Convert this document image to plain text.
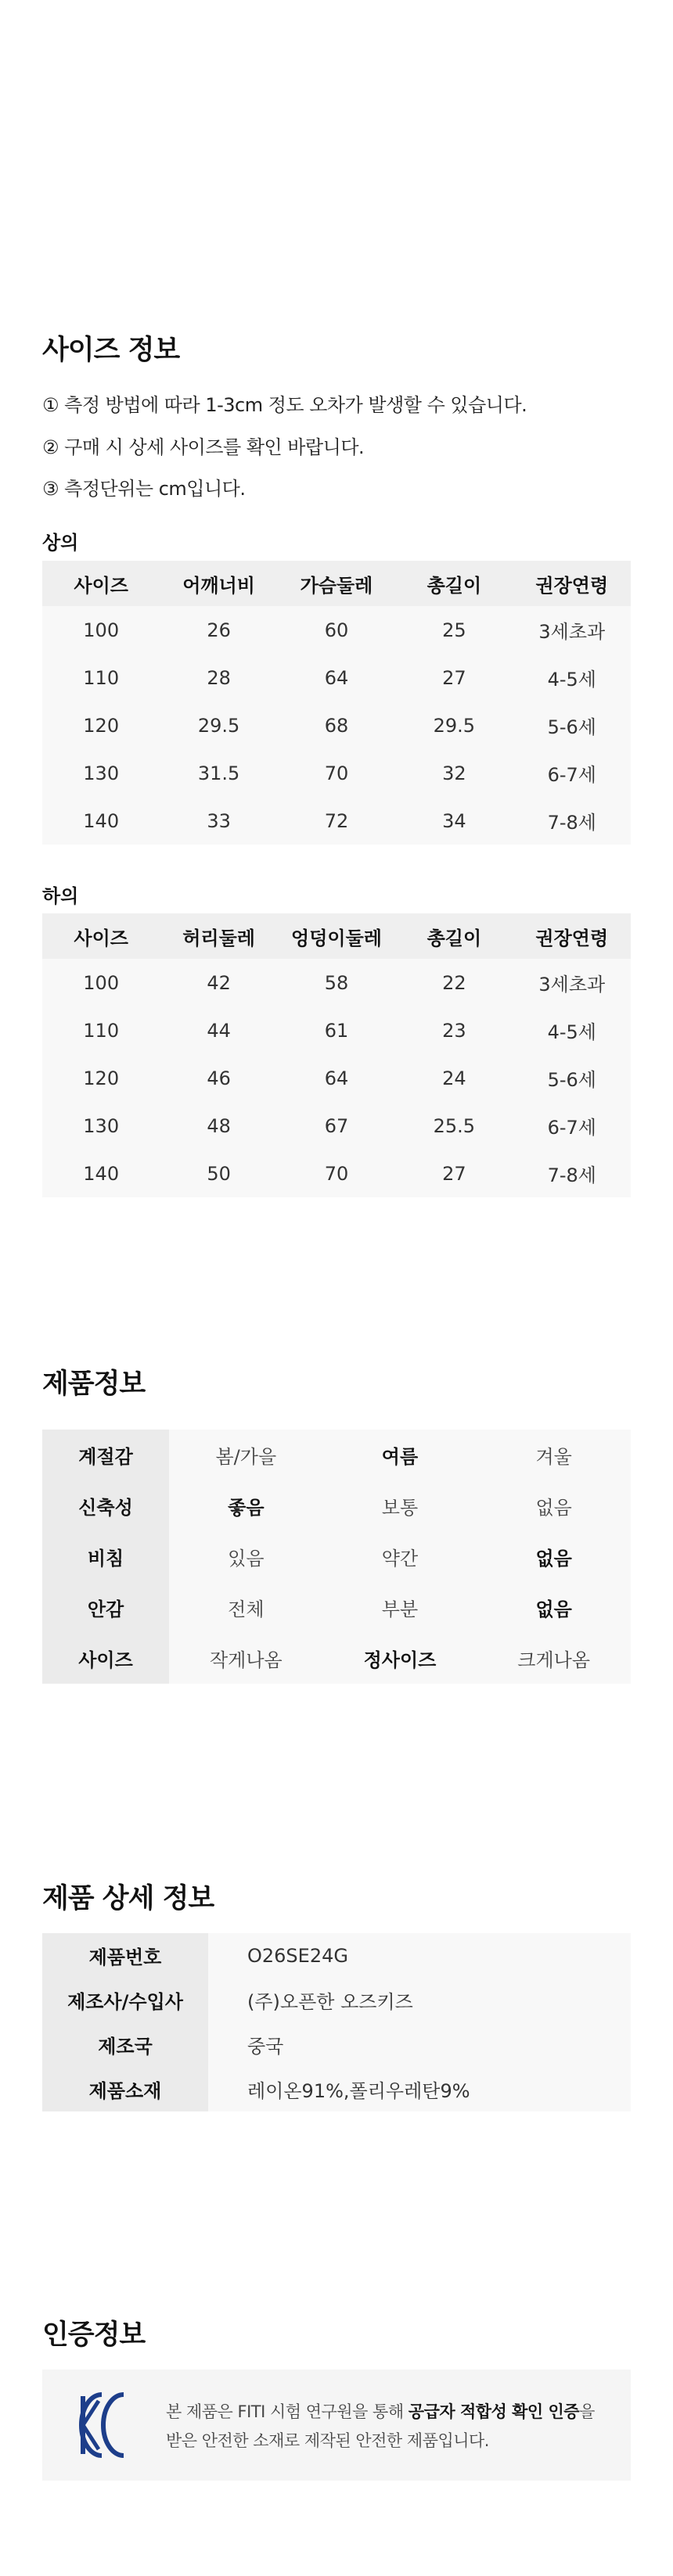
사이즈 정보
① 측정 방법에 따라 1-3cm 정도 오차가 발생할 수 있습니다.
② 구매 시 상세 사이즈를 확인 바랍니다.
③ 측정단위는 cm입니다.
상의
사이즈	어깨너비	가슴둘레	총길이	권장연령
100	26	60	25	3세초과
110	28	64	27	4-5세
120	29.5	68	29.5	5-6세
130	31.5	70	32	6-7세
140	33	72	34	7-8세
하의
사이즈	허리둘레	엉덩이둘레	총길이	권장연령
100	42	58	22	3세초과
110	44	61	23	4-5세
120	46	64	24	5-6세
130	48	67	25.5	6-7세
140	50	70	27	7-8세
제품정보
계절감	봄/가을	여름	겨울
신축성	좋음	보통	없음
비침	있음	약간	없음
안감	전체	부분	없음
사이즈	작게나옴	정사이즈	크게나옴
제품 상세 정보
제품번호	O26SE24G
제조사/수입사	(주)오픈한 오즈키즈
제조국	중국
제품소재	레이온91%,폴리우레탄9%
인증정보
본 제품은 FITI 시험 연구원을 통해 공급자 적합성 확인 인증을
받은 안전한 소재로 제작된 안전한 제품입니다.
